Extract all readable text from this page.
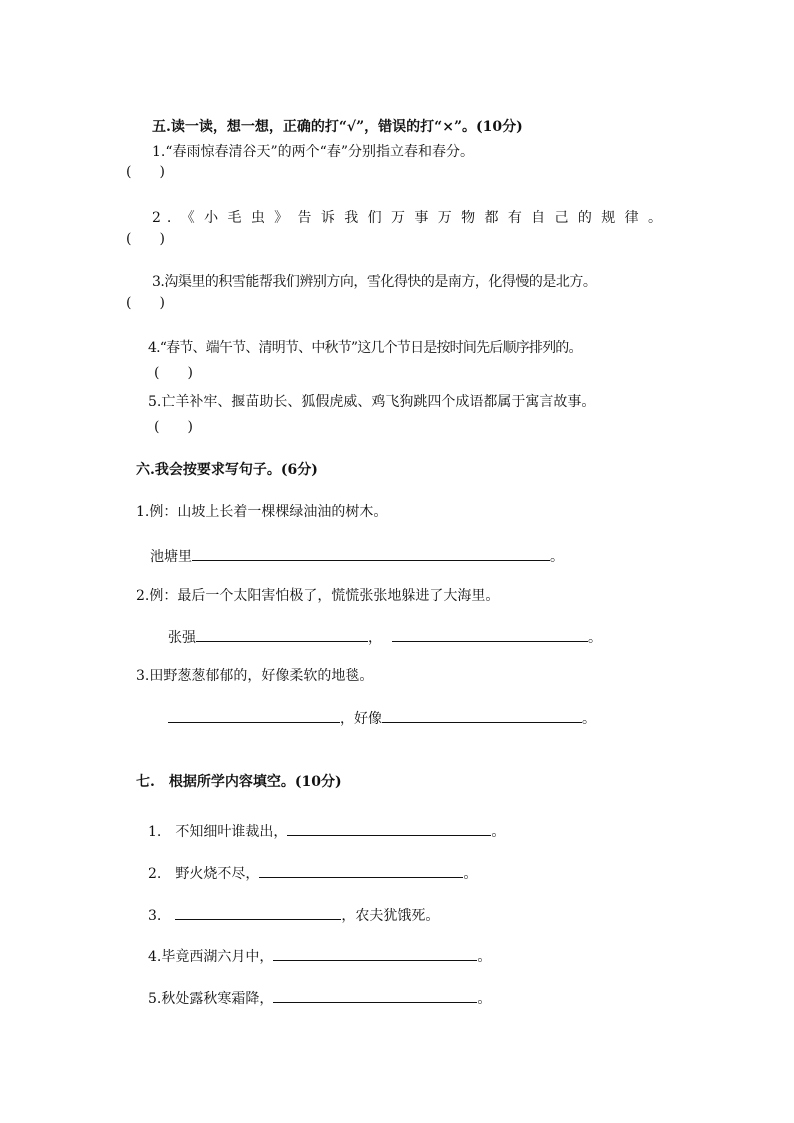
五.读一读，想一想，正确的打“√”，错误的打“×”。(10分)
1.“春雨惊春清谷天”的两个“春”分别指立春和春分。
(　　)
2.《小毛虫》告诉我们万事万物都有自己的规律。
(　　)
3.沟渠里的积雪能帮我们辨别方向，雪化得快的是南方，化得慢的是北方。
(　　)
4.“春节、端午节、清明节、中秋节”这几个节日是按时间先后顺序排列的。
(　　)
5.亡羊补牢、揠苗助长、狐假虎威、鸡飞狗跳四个成语都属于寓言故事。
(　　)
六.我会按要求写句子。(6分)
1.例：山坡上长着一棵棵绿油油的树木。
池塘里	。
2.例：最后一个太阳害怕极了，慌慌张张地躲进了大海里。
张强	，	。
3.田野葱葱郁郁的，好像柔软的地毯。
，好像	。
七.　根据所学内容填空。(10分)
1. 不知细叶谁裁出，	。
2. 野火烧不尽，	。
3.	，农夫犹饿死。
4.毕竟西湖六月中，	。
5.秋处露秋寒霜降，	。
